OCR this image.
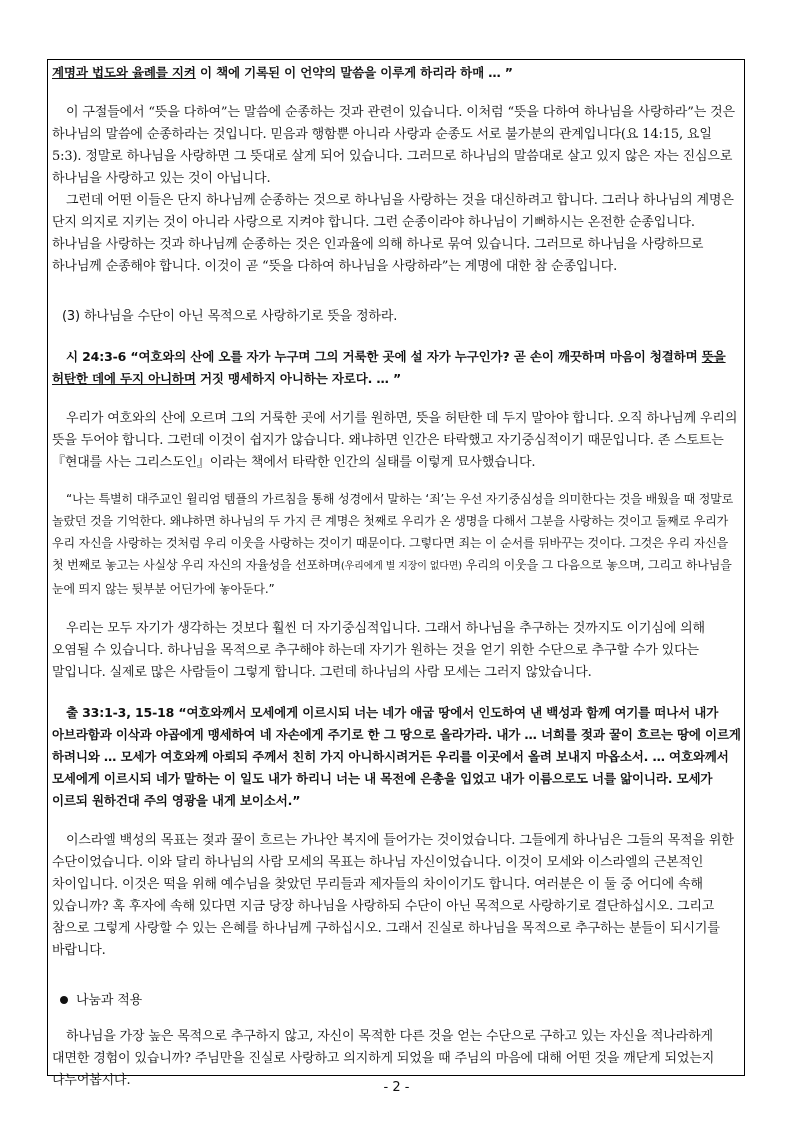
계명과 법도와 율례를 지켜 이 책에 기록된 이 언약의 말씀을 이루게 하리라 하매 … ”

이 구절들에서 “뜻을 다하여”는 말씀에 순종하는 것과 관련이 있습니다. 이처럼 “뜻을 다하여 하나님을 사랑하라”는 것은 하나님의 말씀에 순종하라는 것입니다. 믿음과 행함뿐 아니라 사랑과 순종도 서로 불가분의 관계입니다(요 14:15, 요일 5:3). 정말로 하나님을 사랑하면 그 뜻대로 살게 되어 있습니다. 그러므로 하나님의 말씀대로 살고 있지 않은 자는 진심으로 하나님을 사랑하고 있는 것이 아닙니다.

그런데 어떤 이들은 단지 하나님께 순종하는 것으로 하나님을 사랑하는 것을 대신하려고 합니다. 그러나 하나님의 계명은 단지 의지로 지키는 것이 아니라 사랑으로 지켜야 합니다. 그런 순종이라야 하나님이 기뻐하시는 온전한 순종입니다. 하나님을 사랑하는 것과 하나님께 순종하는 것은 인과율에 의해 하나로 묶여 있습니다. 그러므로 하나님을 사랑하므로 하나님께 순종해야 합니다. 이것이 곧 “뜻을 다하여 하나님을 사랑하라”는 계명에 대한 참 순종입니다.

(3) 하나님을 수단이 아닌 목적으로 사랑하기로 뜻을 정하라.

시 24:3-6 “여호와의 산에 오를 자가 누구며 그의 거룩한 곳에 설 자가 누구인가? 곧 손이 깨끗하며 마음이 청결하며 뜻을 허탄한 데에 두지 아니하며 거짓 맹세하지 아니하는 자로다. … ”

우리가 여호와의 산에 오르며 그의 거룩한 곳에 서기를 원하면, 뜻을 허탄한 데 두지 말아야 합니다. 오직 하나님께 우리의 뜻을 두어야 합니다. 그런데 이것이 쉽지가 않습니다. 왜냐하면 인간은 타락했고 자기중심적이기 때문입니다. 존 스토트는『현대를 사는 그리스도인』이라는 책에서 타락한 인간의 실태를 이렇게 묘사했습니다.

“나는 특별히 대주교인 윌리엄 템플의 가르침을 통해 성경에서 말하는 ‘죄’는 우선 자기중심성을 의미한다는 것을 배웠을 때 정말로 놀랐던 것을 기억한다. 왜냐하면 하나님의 두 가지 큰 계명은 첫째로 우리가 온 생명을 다해서 그분을 사랑하는 것이고 둘째로 우리가 우리 자신을 사랑하는 것처럼 우리 이웃을 사랑하는 것이기 때문이다. 그렇다면 죄는 이 순서를 뒤바꾸는 것이다. 그것은 우리 자신을 첫 번째로 놓고는 사실상 우리 자신의 자율성을 선포하며(우리에게 별 지장이 없다면) 우리의 이웃을 그 다음으로 놓으며, 그리고 하나님을 눈에 띄지 않는 뒷부분 어딘가에 놓아둔다.”

우리는 모두 자기가 생각하는 것보다 훨씬 더 자기중심적입니다. 그래서 하나님을 추구하는 것까지도 이기심에 의해 오염될 수 있습니다. 하나님을 목적으로 추구해야 하는데 자기가 원하는 것을 얻기 위한 수단으로 추구할 수가 있다는 말입니다. 실제로 많은 사람들이 그렇게 합니다. 그런데 하나님의 사람 모세는 그러지 않았습니다.

출 33:1-3, 15-18 “여호와께서 모세에게 이르시되 너는 네가 애굽 땅에서 인도하여 낸 백성과 함께 여기를 떠나서 내가 아브라함과 이삭과 야곱에게 맹세하여 네 자손에게 주기로 한 그 땅으로 올라가라. 내가 … 너희를 젖과 꿀이 흐르는 땅에 이르게 하려니와 … 모세가 여호와께 아뢰되 주께서 친히 가지 아니하시려거든 우리를 이곳에서 올려 보내지 마옵소서. … 여호와께서 모세에게 이르시되 네가 말하는 이 일도 내가 하리니 너는 내 목전에 은총을 입었고 내가 이름으로도 너를 앎이니라. 모세가 이르되 원하건대 주의 영광을 내게 보이소서.”

이스라엘 백성의 목표는 젖과 꿀이 흐르는 가나안 복지에 들어가는 것이었습니다. 그들에게 하나님은 그들의 목적을 위한 수단이었습니다. 이와 달리 하나님의 사람 모세의 목표는 하나님 자신이었습니다. 이것이 모세와 이스라엘의 근본적인 차이입니다. 이것은 떡을 위해 예수님을 찾았던 무리들과 제자들의 차이이기도 합니다. 여러분은 이 둘 중 어디에 속해 있습니까? 혹 후자에 속해 있다면 지금 당장 하나님을 사랑하되 수단이 아닌 목적으로 사랑하기로 결단하십시오. 그리고 참으로 그렇게 사랑할 수 있는 은혜를 하나님께 구하십시오. 그래서 진실로 하나님을 목적으로 추구하는 분들이 되시기를 바랍니다.

나눔과 적용

하나님을 가장 높은 목적으로 추구하지 않고, 자신이 목적한 다른 것을 얻는 수단으로 구하고 있는 자신을 적나라하게 대면한 경험이 있습니까? 주님만을 진실로 사랑하고 의지하게 되었을 때 주님의 마음에 대해 어떤 것을 깨닫게 되었는지 나누어봅시다.	- 2 -
